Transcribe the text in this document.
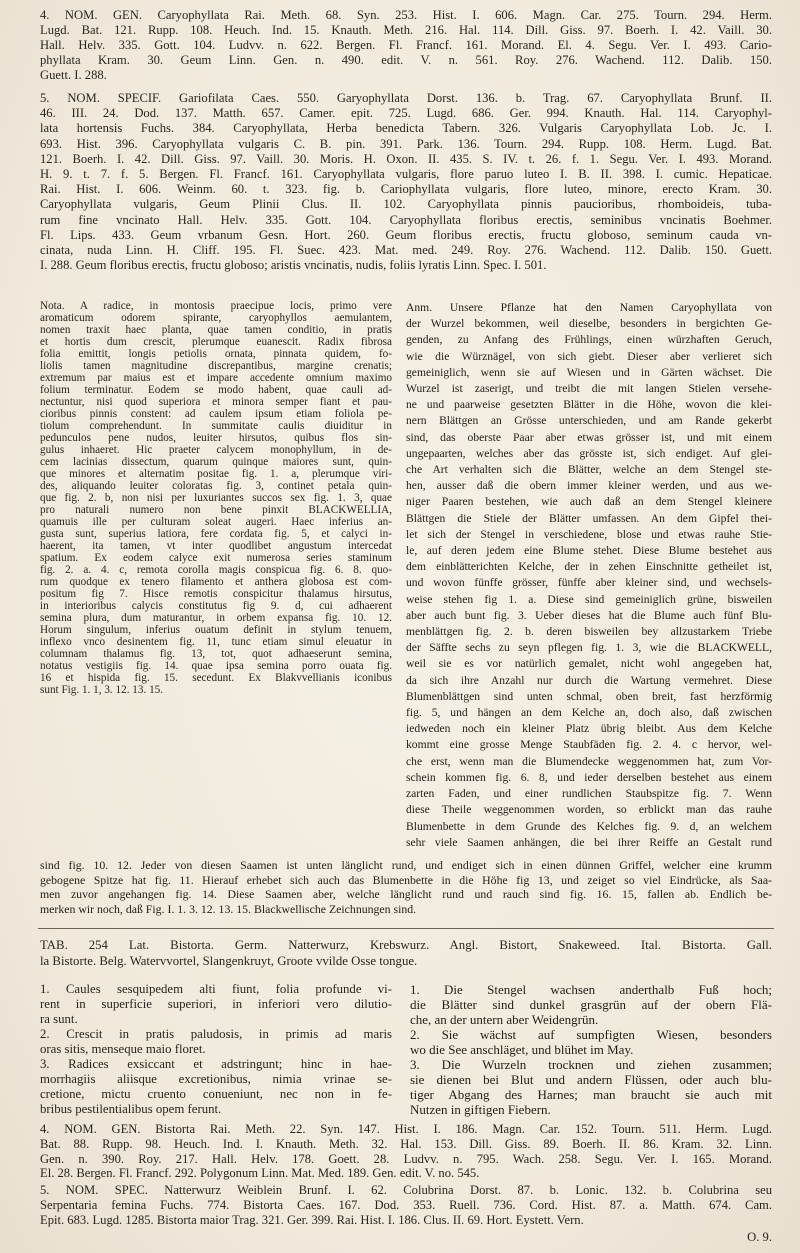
4. NOM. GEN. Caryophyllata Rai. Meth. 68. Syn. 253. Hist. I. 606. Magn. Car. 275. Tourn. 294. Herm.
Lugd. Bat. 121. Rupp. 108. Heuch. Ind. 15. Knauth. Meth. 216. Hal. 114. Dill. Giss. 97. Boerh. I. 42. Vaill. 30.
Hall. Helv. 335. Gott. 104. Ludvv. n. 622. Bergen. Fl. Francf. 161. Morand. El. 4. Segu. Ver. I. 493. Cario-
phyllata Kram. 30. Geum Linn. Gen. n. 490. edit. V. n. 561. Roy. 276. Wachend. 112. Dalib. 150.
Guett. I. 288.
5. NOM. SPECIF. Gariofilata Caes. 550. Garyophyllata Dorst. 136. b. Trag. 67. Caryophyllata Brunf. II.
46. III. 24. Dod. 137. Matth. 657. Camer. epit. 725. Lugd. 686. Ger. 994. Knauth. Hal. 114. Caryophyl-
lata hortensis Fuchs. 384. Caryophyllata, Herba benedicta Tabern. 326. Vulgaris Caryophyllata Lob. Jc. I.
693. Hist. 396. Caryophyllata vulgaris C. B. pin. 391. Park. 136. Tourn. 294. Rupp. 108. Herm. Lugd. Bat.
121. Boerh. I. 42. Dill. Giss. 97. Vaill. 30. Moris. H. Oxon. II. 435. S. IV. t. 26. f. 1. Segu. Ver. I. 493. Morand.
H. 9. t. 7. f. 5. Bergen. Fl. Francf. 161. Caryophyllata vulgaris, flore paruo luteo I. B. II. 398. I. cumic. Hepaticae.
Rai. Hist. I. 606. Weinm. 60. t. 323. fig. b. Cariophyllata vulgaris, flore luteo, minore, erecto Kram. 30.
Caryophyllata vulgaris, Geum Plinii Clus. II. 102. Caryophyllata pinnis paucioribus, rhomboideis, tuba-
rum fine vncinato Hall. Helv. 335. Gott. 104. Caryophyllata floribus erectis, seminibus vncinatis Boehmer.
Fl. Lips. 433. Geum vrbanum Gesn. Hort. 260. Geum floribus erectis, fructu globoso, seminum cauda vn-
cinata, nuda Linn. H. Cliff. 195. Fl. Suec. 423. Mat. med. 249. Roy. 276. Wachend. 112. Dalib. 150. Guett.
I. 288. Geum floribus erectis, fructu globoso; aristis vncinatis, nudis, foliis lyratis Linn. Spec. I. 501.
Nota. A radice, in montosis praecipue locis, primo vere
aromaticum odorem spirante, caryophyllos aemulantem,
nomen traxit haec planta, quae tamen conditio, in pratis
et hortis dum crescit, plerumque euanescit. Radix fibrosa
folia emittit, longis petiolis ornata, pinnata quidem, fo-
liolis tamen magnitudine discrepantibus, margine crenatis;
extremum par maius est et impare accedente omnium maximo
folium terminatur. Eodem se modo habent, quae cauli ad-
nectuntur, nisi quod superiora et minora semper fiant et pau-
cioribus pinnis constent: ad caulem ipsum etiam foliola pe-
tiolum comprehendunt. In summitate caulis diuiditur in
pedunculos pene nudos, leuiter hirsutos, quibus flos sin-
gulus inhaeret. Hic praeter calycem monophyllum, in de-
cem lacinias dissectum, quarum quinque maiores sunt, quin-
que minores et alternatim positae fig. 1. a, plerumque viri-
des, aliquando leuiter coloratas fig. 3, continet petala quin-
que fig. 2. b, non nisi per luxuriantes succos sex fig. 1. 3, quae
pro naturali numero non bene pinxit BLACKWELLIA,
quamuis ille per culturam soleat augeri. Haec inferius an-
gusta sunt, superius latiora, fere cordata fig. 5, et calyci in-
haerent, ita tamen, vt inter quodlibet angustum intercedat
spatium. Ex eodem calyce exit numerosa series staminum
fig. 2. a. 4. c, remota corolla magis conspicua fig. 6. 8. quo-
rum quodque ex tenero filamento et anthera globosa est com-
positum fig 7. Hisce remotis conspicitur thalamus hirsutus,
in interioribus calycis constitutus fig 9. d, cui adhaerent
semina plura, dum maturantur, in orbem expansa fig. 10. 12.
Horum singulum, inferius ouatum definit in stylum tenuem,
inflexo vnco desinentem fig. 11, tunc etiam simul eleuatur in
columnam thalamus fig. 13, tot, quot adhaeserunt semina,
notatus vestigiis fig. 14. quae ipsa semina porro ouata fig.
16 et hispida fig. 15. secedunt. Ex Blakvvellianis iconibus
sunt Fig. 1. 1, 3. 12. 13. 15.
Anm. Unsere Pflanze hat den Namen Caryophyllata von
der Wurzel bekommen, weil dieselbe, besonders in bergichten Ge-
genden, zu Anfang des Frühlings, einen würzhaften Geruch,
wie die Würznägel, von sich giebt. Dieser aber verlieret sich
gemeiniglich, wenn sie auf Wiesen und in Gärten wächset. Die
Wurzel ist zaserigt, und treibt die mit langen Stielen versehe-
ne und paarweise gesetzten Blätter in die Höhe, wovon die klei-
nern Blättgen an Grösse unterschieden, und am Rande gekerbt
sind, das oberste Paar aber etwas grösser ist, und mit einem
ungepaarten, welches aber das grösste ist, sich endiget. Auf glei-
che Art verhalten sich die Blätter, welche an dem Stengel ste-
hen, ausser daß die obern immer kleiner werden, und aus we-
niger Paaren bestehen, wie auch daß an dem Stengel kleinere
Blättgen die Stiele der Blätter umfassen. An dem Gipfel thei-
let sich der Stengel in verschiedene, blose und etwas rauhe Stie-
le, auf deren jedem eine Blume stehet. Diese Blume bestehet aus
dem einblätterichten Kelche, der in zehen Einschnitte getheilet ist,
und wovon fünffe grösser, fünffe aber kleiner sind, und wechsels-
weise stehen fig 1. a. Diese sind gemeiniglich grüne, bisweilen
aber auch bunt fig. 3. Ueber dieses hat die Blume auch fünf Blu-
menblättgen fig. 2. b. deren bisweilen bey allzustarkem Triebe
der Säffte sechs zu seyn pflegen fig. 1. 3, wie die BLACKWELL,
weil sie es vor natürlich gemalet, nicht wohl angegeben hat,
da sich ihre Anzahl nur durch die Wartung vermehret. Diese
Blumenblättgen sind unten schmal, oben breit, fast herzförmig
fig. 5, und hängen an dem Kelche an, doch also, daß zwischen
iedweden noch ein kleiner Platz übrig bleibt. Aus dem Kelche
kommt eine grosse Menge Staubfäden fig. 2. 4. c hervor, wel-
che erst, wenn man die Blumendecke weggenommen hat, zum Vor-
schein kommen fig. 6. 8, und ieder derselben bestehet aus einem
zarten Faden, und einer rundlichen Staubspitze fig. 7. Wenn
diese Theile weggenommen worden, so erblickt man das rauhe
Blumenbette in dem Grunde des Kelches fig. 9. d, an welchem
sehr viele Saamen anhängen, die bei ihrer Reiffe an Gestalt rund
sind fig. 10. 12. Jeder von diesen Saamen ist unten länglicht rund, und endiget sich in einen dünnen Griffel, welcher eine krumm
gebogene Spitze hat fig. 11. Hierauf erhebet sich auch das Blumenbette in die Höhe fig 13, und zeiget so viel Eindrücke, als Saa-
men zuvor angehangen fig. 14. Diese Saamen aber, welche länglicht rund und rauch sind fig. 16. 15, fallen ab. Endlich be-
merken wir noch, daß Fig. I. 1. 3. 12. 13. 15. Blackwellische Zeichnungen sind.
TAB. 254 Lat. Bistorta. Germ. Natterwurz, Krebswurz. Angl. Bistort, Snakeweed. Ital. Bistorta. Gall.
la Bistorte. Belg. Watervvortel, Slangenkruyt, Groote vvilde Osse tongue.
1. Caules sesquipedem alti fiunt, folia profunde vi-
rent in superficie superiori, in inferiori vero dilutio-
ra sunt.
2. Crescit in pratis paludosis, in primis ad maris
oras sitis, menseque maio floret.
3. Radices exsiccant et adstringunt; hinc in hae-
morrhagiis aliisque excretionibus, nimia vrinae se-
cretione, mictu cruento conueniunt, nec non in fe-
bribus pestilentialibus opem ferunt.
1. Die Stengel wachsen anderthalb Fuß hoch;
die Blätter sind dunkel grasgrün auf der obern Flä-
che, an der untern aber Weidengrün.
2. Sie wächst auf sumpfigten Wiesen, besonders
wo die See anschläget, und blühet im May.
3. Die Wurzeln trocknen und ziehen zusammen;
sie dienen bei Blut und andern Flüssen, oder auch blu-
tiger Abgang des Harnes; man braucht sie auch mit
Nutzen in giftigen Fiebern.
4. NOM. GEN. Bistorta Rai. Meth. 22. Syn. 147. Hist. I. 186. Magn. Car. 152. Tourn. 511. Herm. Lugd.
Bat. 88. Rupp. 98. Heuch. Ind. I. Knauth. Meth. 32. Hal. 153. Dill. Giss. 89. Boerh. II. 86. Kram. 32. Linn.
Gen. n. 390. Roy. 217. Hall. Helv. 178. Goett. 28. Ludvv. n. 795. Wach. 258. Segu. Ver. I. 165. Morand.
El. 28. Bergen. Fl. Francf. 292. Polygonum Linn. Mat. Med. 189. Gen. edit. V. no. 545.
5. NOM. SPEC. Natterwurz Weiblein Brunf. I. 62. Colubrina Dorst. 87. b. Lonic. 132. b. Colubrina seu
Serpentaria femina Fuchs. 774. Bistorta Caes. 167. Dod. 353. Ruell. 736. Cord. Hist. 87. a. Matth. 674. Cam.
Epit. 683. Lugd. 1285. Bistorta maior Trag. 321. Ger. 399. Rai. Hist. I. 186. Clus. II. 69. Hort. Eystett. Vern.
O. 9.
